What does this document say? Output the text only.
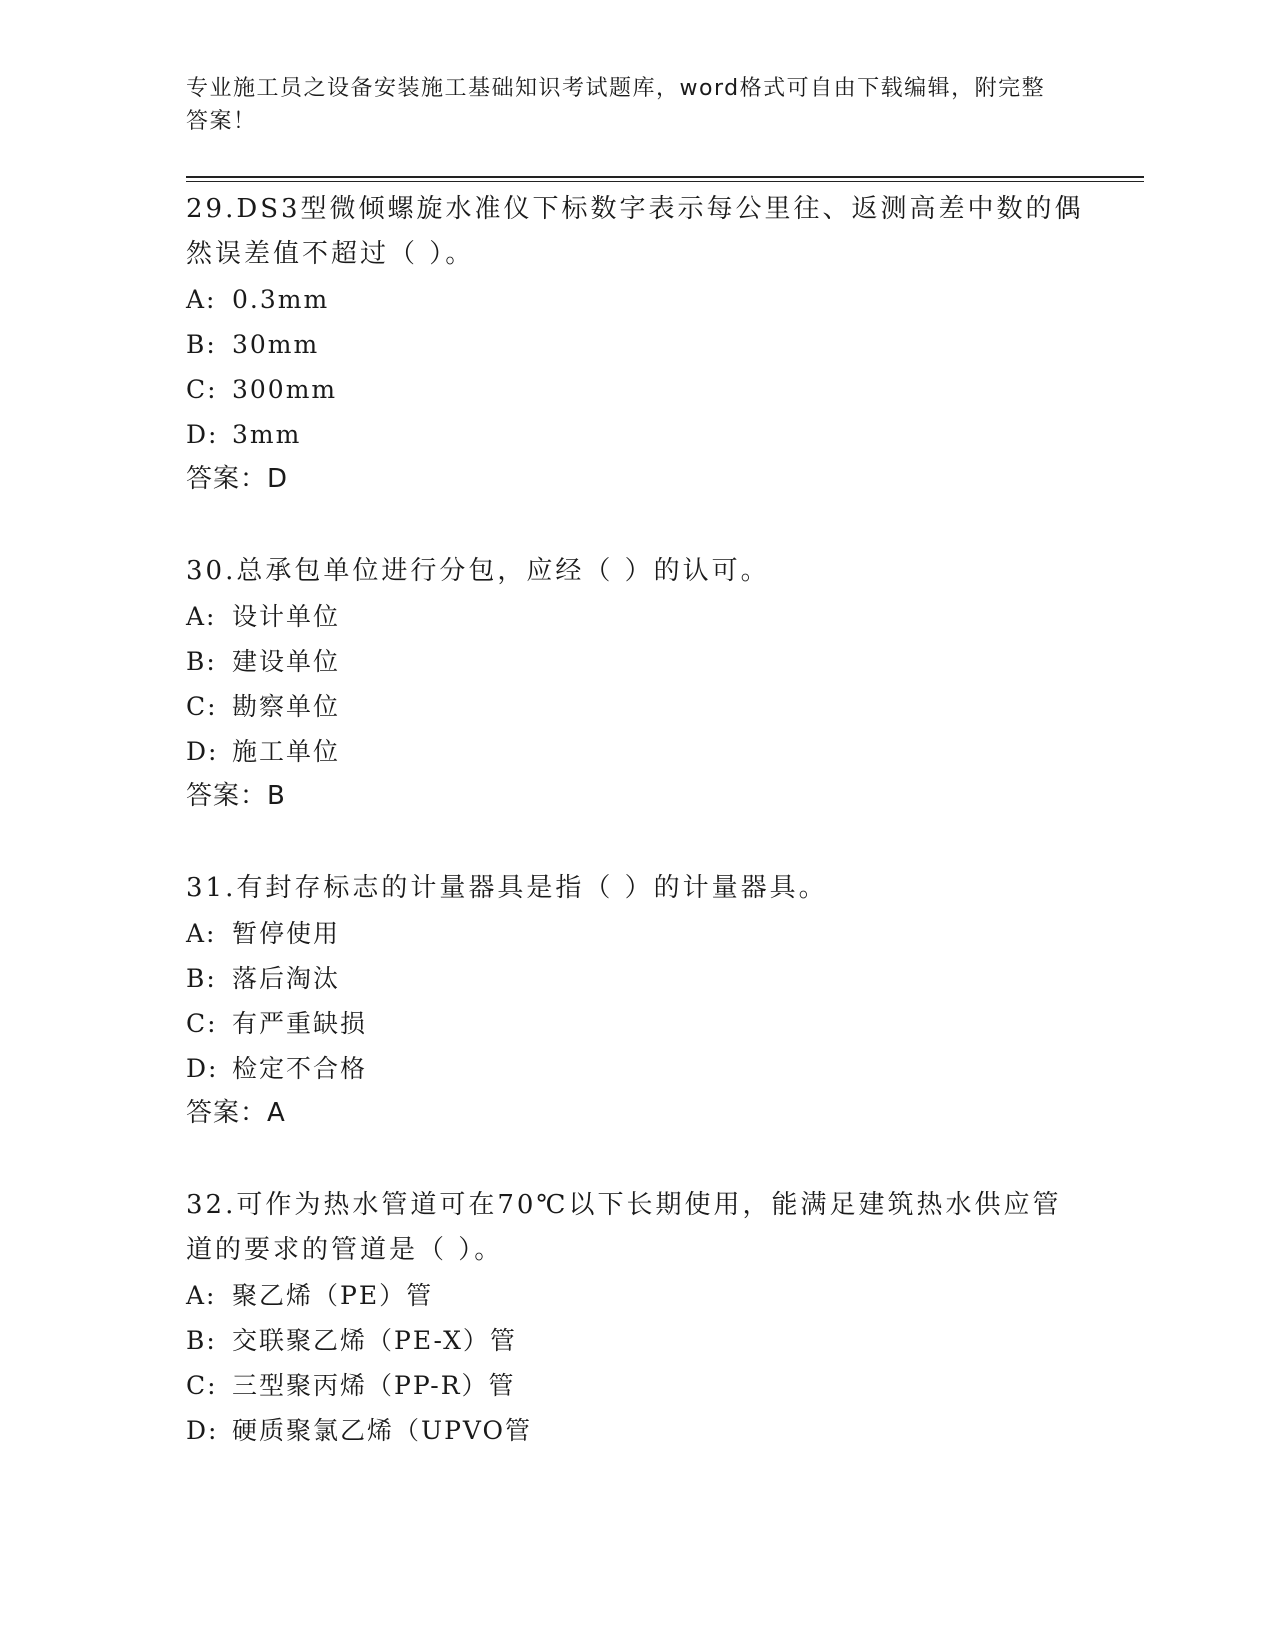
专业施工员之设备安装施工基础知识考试题库，word格式可自由下载编辑，附完整答案！

29.DS3型微倾螺旋水准仪下标数字表示每公里往、返测高差中数的偶然误差值不超过（ ）。

A: 0.3mm
B: 30mm
C: 300mm
D: 3mm
答案：D

30.总承包单位进行分包，应经（ ）的认可。

A: 设计单位
B: 建设单位
C: 勘察单位
D: 施工单位
答案：B

31.有封存标志的计量器具是指（ ）的计量器具。

A: 暂停使用
B: 落后淘汰
C: 有严重缺损
D: 检定不合格
答案：A

32.可作为热水管道可在70℃以下长期使用，能满足建筑热水供应管道的要求的管道是（ ）。

A: 聚乙烯（PE）管
B: 交联聚乙烯（PE-X）管
C: 三型聚丙烯（PP-R）管
D: 硬质聚氯乙烯（UPVO管
